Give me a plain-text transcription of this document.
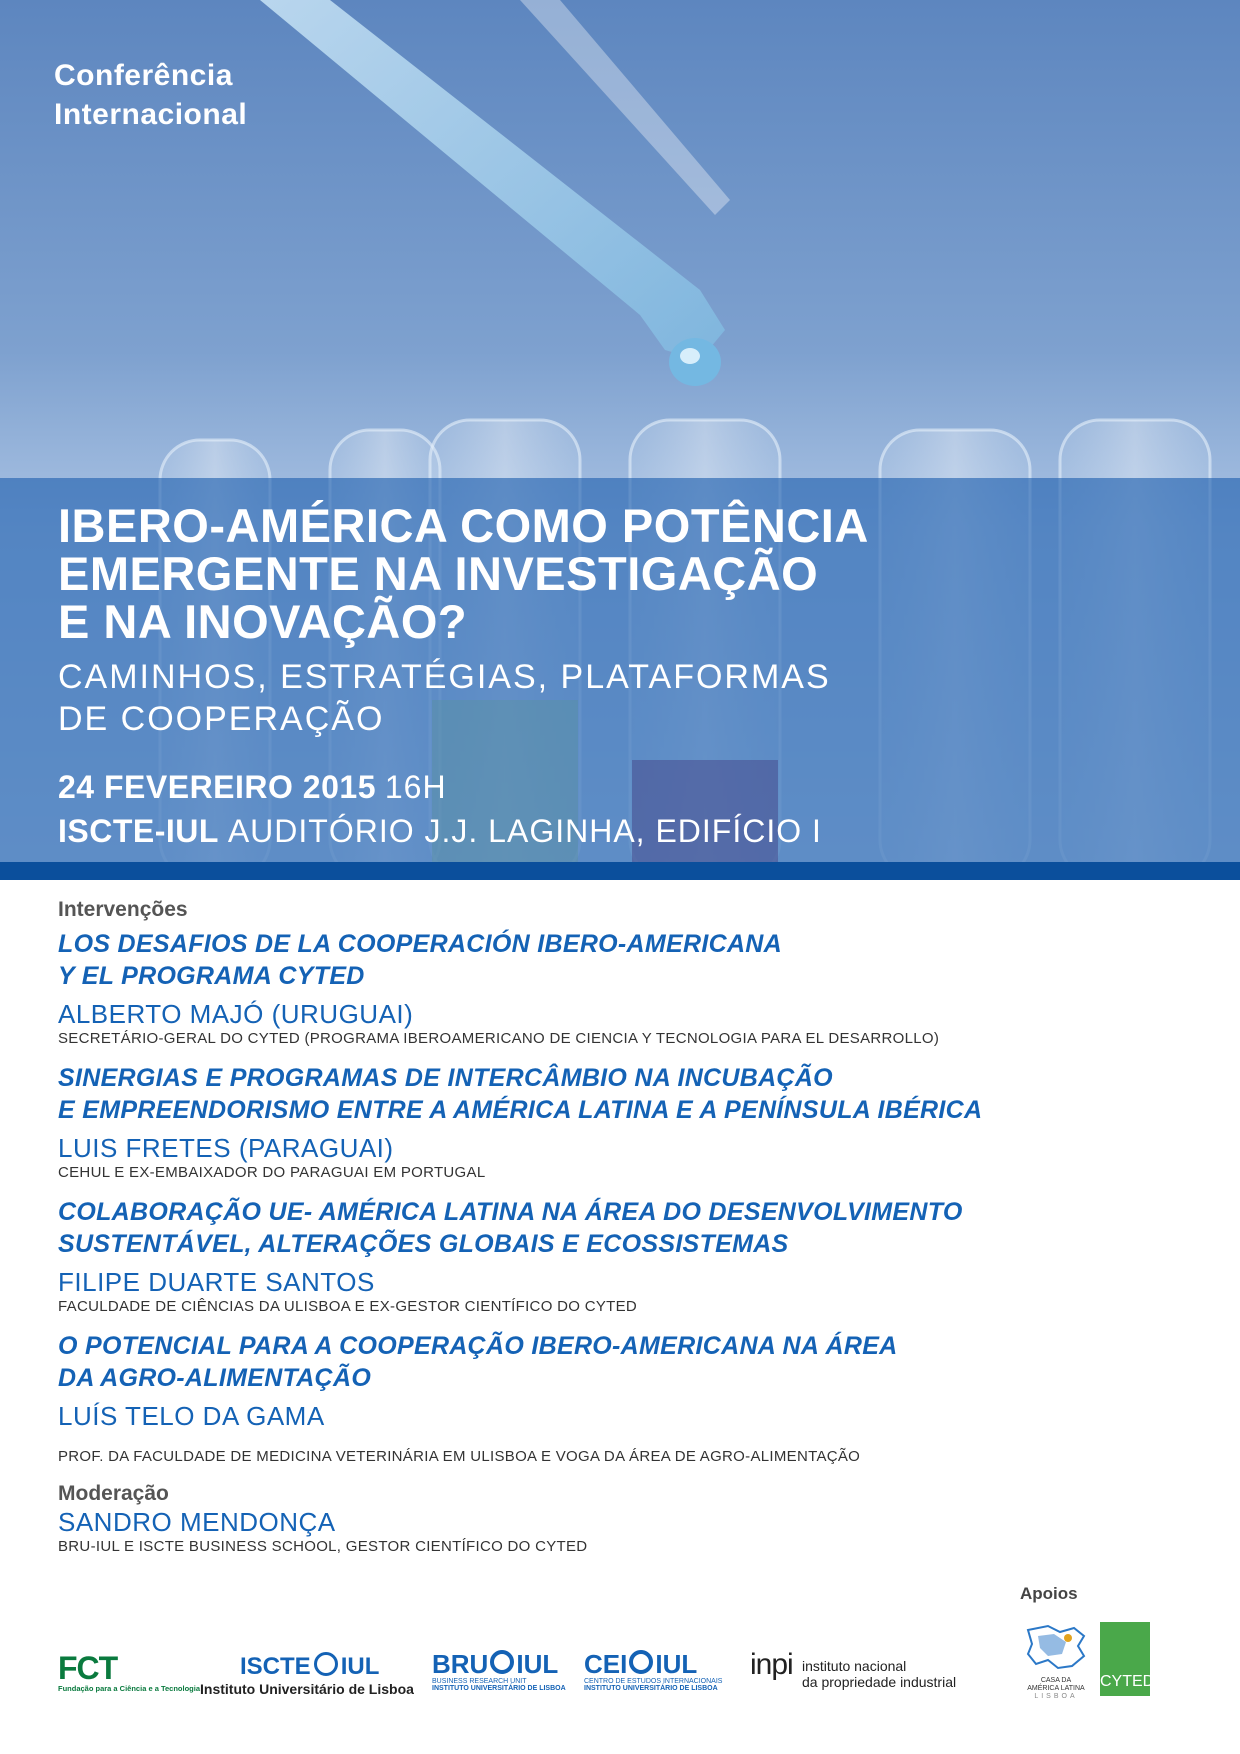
Conferência
Internacional
IBERO-AMÉRICA COMO POTÊNCIA
EMERGENTE NA INVESTIGAÇÃO
E NA INOVAÇÃO?
CAMINHOS, ESTRATÉGIAS, PLATAFORMAS
DE COOPERAÇÃO
24 FEVEREIRO 2015 16H
ISCTE-IUL AUDITÓRIO J.J. LAGINHA, EDIFÍCIO I
Intervenções
LOS DESAFIOS DE LA COOPERACIÓN IBERO-AMERICANA
Y EL PROGRAMA CYTED
ALBERTO MAJÓ (URUGUAI)
SECRETÁRIO-GERAL DO CYTED (PROGRAMA IBEROAMERICANO DE CIENCIA Y TECNOLOGIA PARA EL DESARROLLO)
SINERGIAS E PROGRAMAS DE INTERCÂMBIO NA INCUBAÇÃO
E EMPREENDORISMO ENTRE A AMÉRICA LATINA E A PENÍNSULA IBÉRICA
LUIS FRETES (PARAGUAI)
CEHUL E EX-EMBAIXADOR DO PARAGUAI EM PORTUGAL
COLABORAÇÃO UE- AMÉRICA LATINA NA ÁREA DO DESENVOLVIMENTO
SUSTENTÁVEL, ALTERAÇÕES GLOBAIS E ECOSSISTEMAS
FILIPE DUARTE SANTOS
FACULDADE DE CIÊNCIAS DA ULISBOA E EX-GESTOR CIENTÍFICO DO CYTED
O POTENCIAL PARA A COOPERAÇÃO IBERO-AMERICANA NA ÁREA
DA AGRO-ALIMENTAÇÃO
LUÍS TELO DA GAMA
PROF. DA FACULDADE DE MEDICINA VETERINÁRIA EM ULISBOA E VOGA DA ÁREA DE AGRO-ALIMENTAÇÃO
Moderação
SANDRO MENDONÇA
BRU-IUL E ISCTE BUSINESS SCHOOL, GESTOR CIENTÍFICO DO CYTED
Apoios
FCT
Fundação para a Ciência e a Tecnologia
ISCTE IUL
Instituto Universitário de Lisboa
BRU IUL
BUSINESS RESEARCH UNIT
INSTITUTO UNIVERSITÁRIO DE LISBOA
CEI IUL
CENTRO DE ESTUDOS INTERNACIONAIS
INSTITUTO UNIVERSITÁRIO DE LISBOA
inpi instituto nacional
da propriedade industrial	CASA DA
AMÉRICA LATINA
LISBOA
CYTED
